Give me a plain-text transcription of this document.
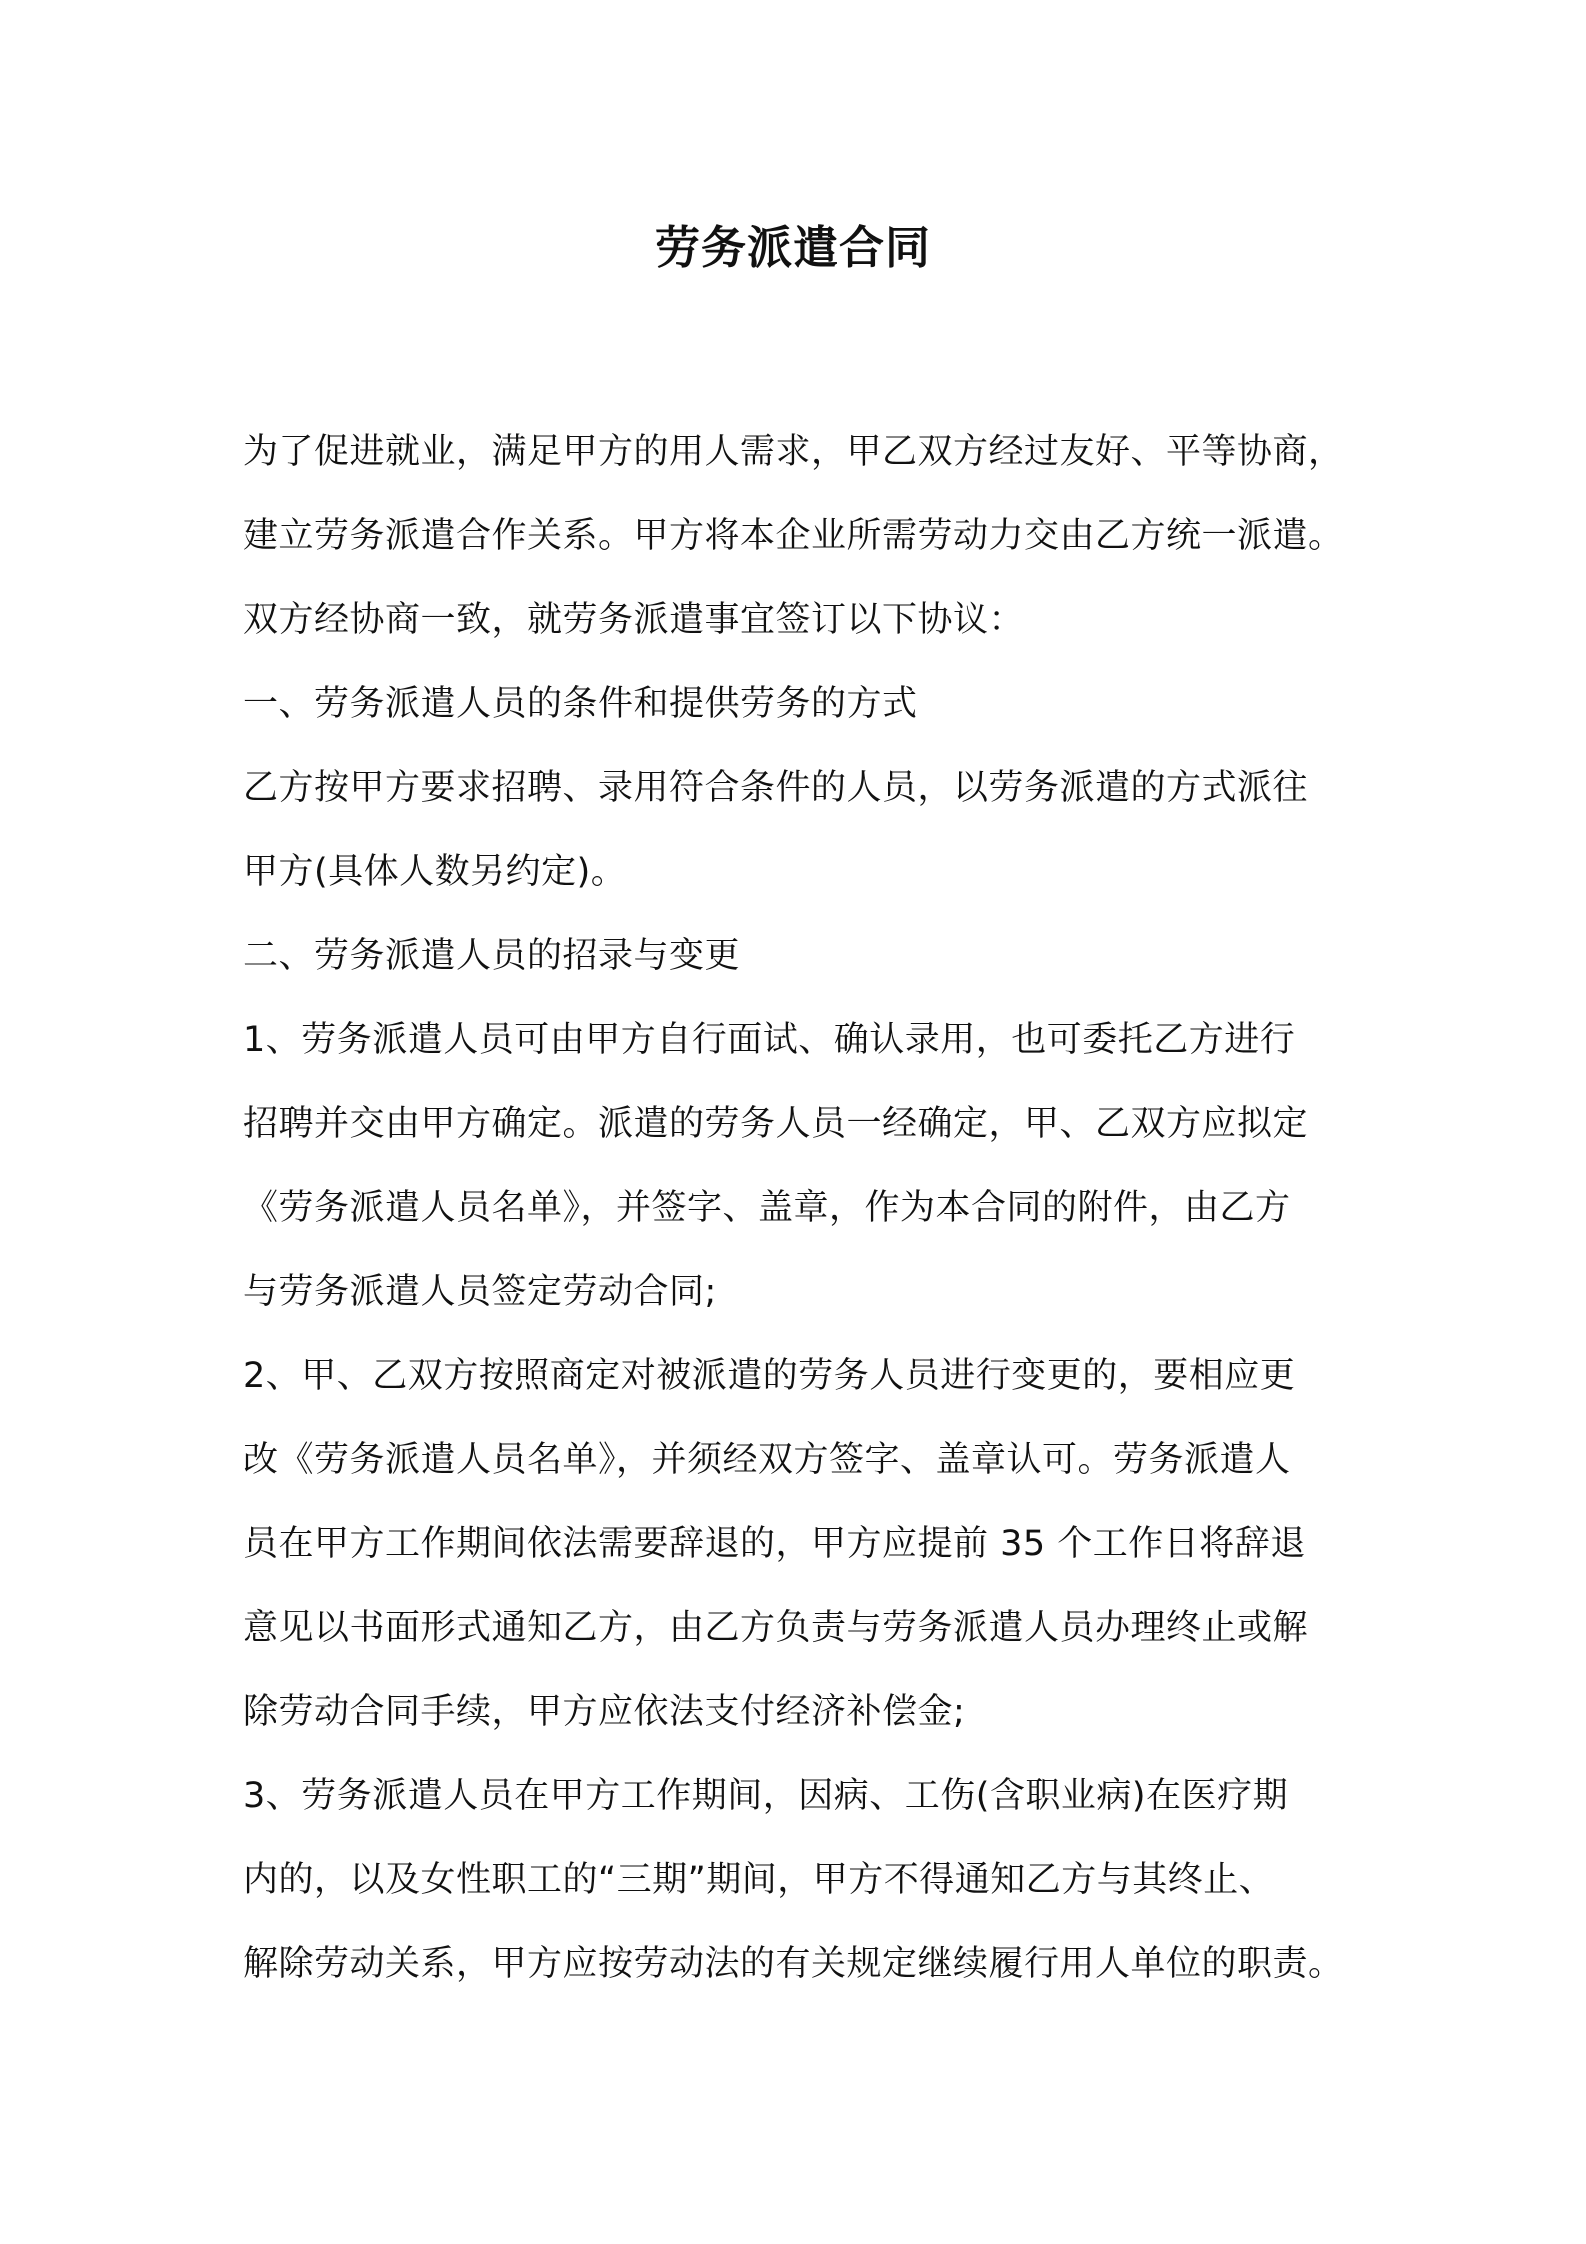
劳务派遣合同
为了促进就业，满足甲方的用人需求，甲乙双方经过友好、平等协商，
建立劳务派遣合作关系。甲方将本企业所需劳动力交由乙方统一派遣。
双方经协商一致，就劳务派遣事宜签订以下协议：
一、劳务派遣人员的条件和提供劳务的方式
乙方按甲方要求招聘、录用符合条件的人员，以劳务派遣的方式派往
甲方(具体人数另约定)。
二、劳务派遣人员的招录与变更
1、劳务派遣人员可由甲方自行面试、确认录用，也可委托乙方进行
招聘并交由甲方确定。派遣的劳务人员一经确定，甲、乙双方应拟定
《劳务派遣人员名单》，并签字、盖章，作为本合同的附件，由乙方
与劳务派遣人员签定劳动合同;
2、甲、乙双方按照商定对被派遣的劳务人员进行变更的，要相应更
改《劳务派遣人员名单》，并须经双方签字、盖章认可。劳务派遣人
员在甲方工作期间依法需要辞退的，甲方应提前 35 个工作日将辞退
意见以书面形式通知乙方，由乙方负责与劳务派遣人员办理终止或解
除劳动合同手续，甲方应依法支付经济补偿金;
3、劳务派遣人员在甲方工作期间，因病、工伤(含职业病)在医疗期
内的，以及女性职工的“三期”期间，甲方不得通知乙方与其终止、
解除劳动关系，甲方应按劳动法的有关规定继续履行用人单位的职责。
